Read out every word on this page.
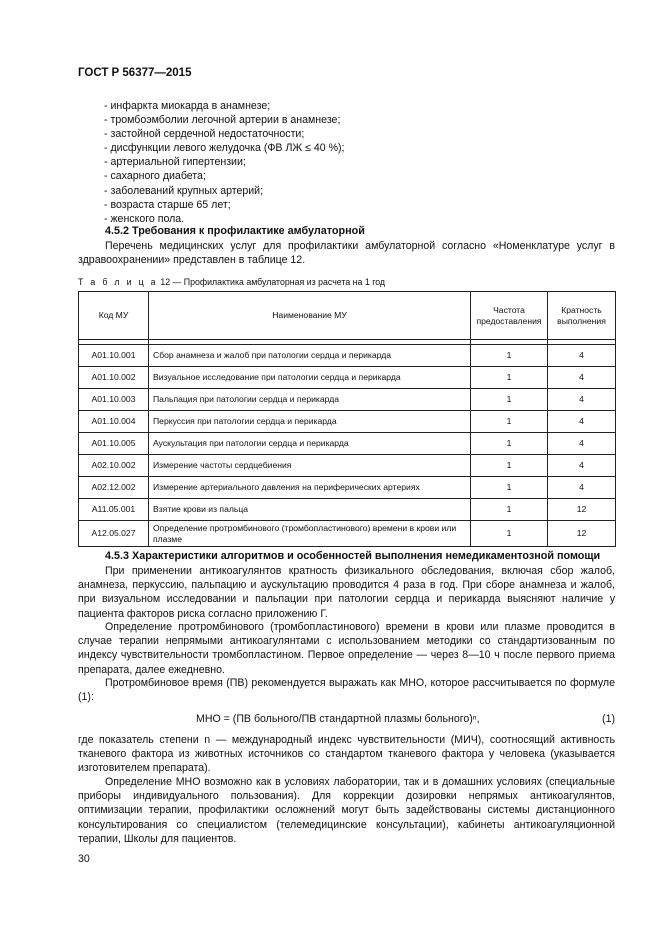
ГОСТ Р 56377—2015
- инфаркта миокарда в анамнезе;
- тромбоэмболии легочной артерии в анамнезе;
- застойной сердечной недостаточности;
- дисфункции левого желудочка (ФВ ЛЖ ≤ 40 %);
- артериальной гипертензии;
- сахарного диабета;
- заболеваний крупных артерий;
- возраста старше 65 лет;
- женского пола.
4.5.2 Требования к профилактике амбулаторной
Перечень медицинских услуг для профилактики амбулаторной согласно «Номенклатуре услуг в здравоохранении» представлен в таблице 12.
Т а б л и ц а 12 — Профилактика амбулаторная из расчета на 1 год
Код МУ	Наименование МУ	Частота предоставления	Кратность выполнения

A01.10.001	Сбор анамнеза и жалоб при патологии сердца и перикарда	1	4
A01.10.002	Визуальное исследование при патологии сердца и перикарда	1	4
A01.10.003	Пальпация при патологии сердца и перикарда	1	4
A01.10.004	Перкуссия при патологии сердца и перикарда	1	4
A01.10.005	Аускультация при патологии сердца и перикарда	1	4
A02.10.002	Измерение частоты сердцебиения	1	4
A02.12.002	Измерение артериального давления на периферических артериях	1	4
A11.05.001	Взятие крови из пальца	1	12
A12.05.027	Определение протромбинового (тромбопластинового) времени в крови или плазме	1	12
4.5.3 Характеристики алгоритмов и особенностей выполнения немедикаментозной помощи
При применении антикоагулянтов кратность физикального обследования, включая сбор жалоб, анамнеза, перкуссию, пальпацию и аускультацию проводится 4 раза в год. При сборе анамнеза и жалоб, при визуальном исследовании и пальпации при патологии сердца и перикарда выясняют наличие у пациента факторов риска согласно приложению Г.
Определение протромбинового (тромбопластинового) времени в крови или плазме проводится в случае терапии непрямыми антикоагулянтами с использованием методики со стандартизованным по индексу чувствительности тромбопластином. Первое определение — через 8—10 ч после первого приема препарата, далее ежедневно.
Протромбиновое время (ПВ) рекомендуется выражать как МНО, которое рассчитывается по формуле (1):
МНО = (ПВ больного/ПВ стандартной плазмы больного)ⁿ,	(1)
где показатель степени n — международный индекс чувствительности (МИЧ), соотносящий активность тканевого фактора из животных источников со стандартом тканевого фактора у человека (указывается изготовителем препарата).
Определение МНО возможно как в условиях лаборатории, так и в домашних условиях (специальные приборы индивидуального пользования). Для коррекции дозировки непрямых антикоагулянтов, оптимизации терапии, профилактики осложнений могут быть задействованы системы дистанционного консультирования со специалистом (телемедицинские консультации), кабинеты антикоагуляционной терапии, Школы для пациентов.
30
